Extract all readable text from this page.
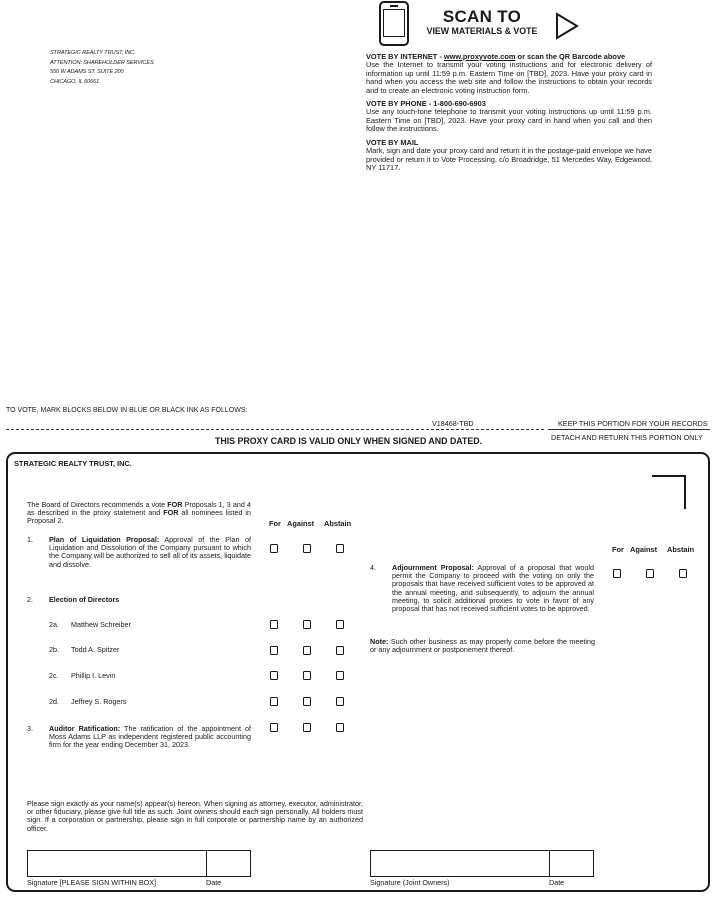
STRATEGIC REALTY TRUST, INC.
ATTENTION: SHAREHOLDER SERVICES
550 W ADAMS ST. SUITE 200
CHICAGO, IL 60661
SCAN TO
VIEW MATERIALS & VOTE
VOTE BY INTERNET - www.proxyvote.com or scan the QR Barcode above
Use the Internet to transmit your voting instructions and for electronic delivery of information up until 11:59 p.m. Eastern Time on [TBD], 2023. Have your proxy card in hand when you access the web site and follow the instructions to obtain your records and to create an electronic voting instruction form.
VOTE BY PHONE - 1-800-690-6903
Use any touch-tone telephone to transmit your voting instructions up until 11:59 p.m. Eastern Time on [TBD], 2023. Have your proxy card in hand when you call and then follow the instructions.
VOTE BY MAIL
Mark, sign and date your proxy card and return it in the postage-paid envelope we have provided or return it to Vote Processing, c/o Broadridge, 51 Mercedes Way, Edgewood, NY 11717.
TO VOTE, MARK BLOCKS BELOW IN BLUE OR BLACK INK AS FOLLOWS:
V18468-TBD	KEEP THIS PORTION FOR YOUR RECORDS
DETACH AND RETURN THIS PORTION ONLY
THIS PROXY CARD IS VALID ONLY WHEN SIGNED AND DATED.
STRATEGIC REALTY TRUST, INC.
The Board of Directors recommends a vote FOR Proposals 1, 3 and 4 as described in the proxy statement and FOR all nominees listed in Proposal 2.	For Against Abstain
1. Plan of Liquidation Proposal: Approval of the Plan of Liquidation and Dissolution of the Company pursuant to which the Company will be authorized to sell all of its assets, liquidate and dissolve.
2. Election of Directors
2a. Matthew Schreiber
2b. Todd A. Spitzer
2c. Phillip I. Levin
2d. Jeffrey S. Rogers
3. Auditor Ratification: The ratification of the appointment of Moss Adams LLP as independent registered public accounting firm for the year ending December 31, 2023.
For Against Abstain
4. Adjournment Proposal: Approval of a proposal that would permit the Company to proceed with the voting on only the proposals that have received sufficient votes to be approved at the annual meeting, and subsequently, to adjourn the annual meeting, to solicit additional proxies to vote in favor of any proposal that has not received sufficient votes to be approved.
Note: Such other business as may properly come before the meeting or any adjournment or postponement thereof.
Please sign exactly as your name(s) appear(s) hereon. When signing as attorney, executor, administrator, or other fiduciary, please give full title as such. Joint owners should each sign personally. All holders must sign. If a corporation or partnership, please sign in full corporate or partnership name by an authorized officer.
Signature [PLEASE SIGN WITHIN BOX]	Date	Signature (Joint Owners)	Date
